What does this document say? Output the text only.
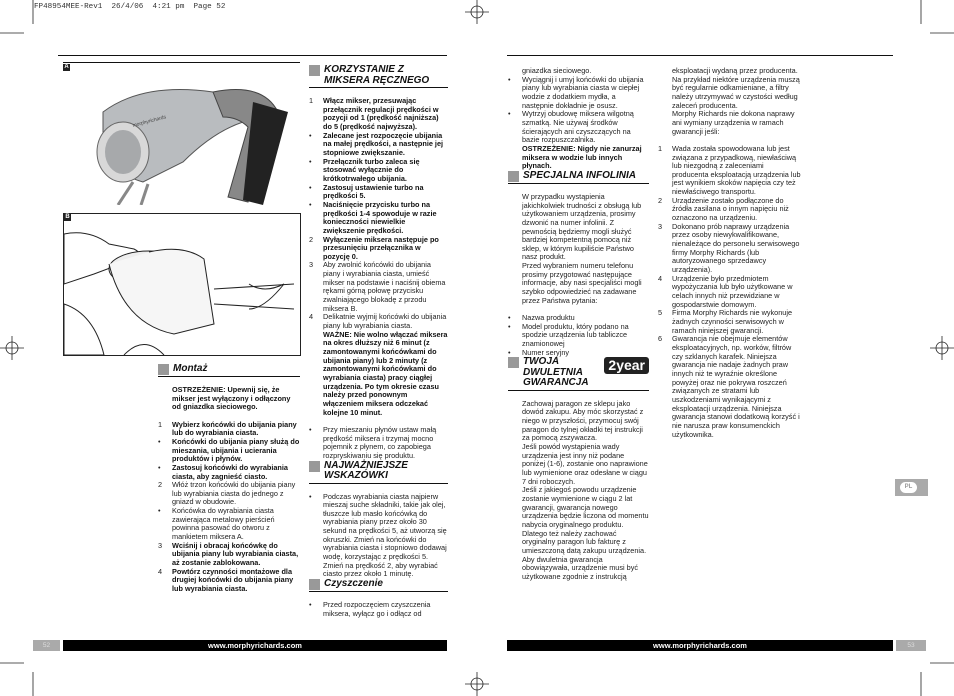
FP48954MEE-Rev1  26/4/06  4:21 pm  Page 52
A
morphyrichards
B
Montaż
OSTRZEŻENIE: Upewnij się, że mikser jest wyłączony i odłączony od gniazdka sieciowego.
1	Wybierz końcówki do ubijania piany lub do wyrabiania ciasta.
•	Końcówki do ubijania piany służą do mieszania, ubijania i ucierania produktów i płynów.
•	Zastosuj końcówki do wyrabiania ciasta, aby zagnieść ciasto.
2	Włóż trzon końcówki do ubijania piany lub wyrabiania ciasta do jednego z gniazd w obudowie.
•	Końcówka do wyrabiania ciasta zawierająca metalowy pierścień powinna pasować do otworu z mankietem miksera A.
3	Wciśnij i obracaj końcówkę do ubijania piany lub wyrabiania ciasta, aż zostanie zablokowana.
4	Powtórz czynności montażowe dla drugiej końcówki do ubijania piany lub wyrabiania ciasta.
KORZYSTANIE Z MIKSERA RĘCZNEGO
1	Włącz mikser, przesuwając przełącznik regulacji prędkości w pozycji od 1 (prędkość najniższa) do 5 (prędkość najwyższa).
•	Zalecane jest rozpoczęcie ubijania na małej prędkości, a następnie jej stopniowe zwiększanie.
•	Przełącznik turbo zaleca się stosować wyłącznie do krótkotrwałego ubijania.
•	Zastosuj ustawienie turbo na prędkości 5.
•	Naciśnięcie przycisku turbo na prędkości 1-4 spowoduje w razie konieczności niewielkie zwiększenie prędkości.
2	Wyłączenie miksera następuje po przesunięciu przełącznika w pozycję 0.
3	Aby zwolnić końcówki do ubijania piany i wyrabiania ciasta, umieść mikser na podstawie i naciśnij obiema rękami górną połowę przycisku zwalniającego blokadę z przodu miksera B.
4	Delikatnie wyjmij końcówki do ubijania piany lub wyrabiania ciasta.
WAŻNE: Nie wolno włączać miksera na okres dłuższy niż 6 minut (z zamontowanymi końcówkami do ubijania piany) lub 2 minuty (z zamontowanymi końcówkami do wyrabiania ciasta) pracy ciągłej urządzenia. Po tym okresie czasu należy przed ponownym włączeniem miksera odczekać kolejne 10 minut.
•	Przy mieszaniu płynów ustaw małą prędkość miksera i trzymaj mocno pojemnik z płynem, co zapobiega rozpryskiwaniu się produktu.
NAJWAŻNIEJSZE WSKAZÓWKI
•	Podczas wyrabiania ciasta najpierw mieszaj suche składniki, takie jak olej, tłuszcze lub masło końcówką do wyrabiania piany przez około 30 sekund na prędkości 5, aż utworzą się okruszki. Zmień na końcówki do wyrabiania ciasta i stopniowo dodawaj wodę, korzystając z prędkości 5. Zmień na prędkość 2, aby wyrabiać ciasto przez około 1 minutę.
Czyszczenie
•	Przed rozpoczęciem czyszczenia miksera, wyłącz go i odłącz od
gniazdka sieciowego.
•	Wyciągnij i umyj końcówki do ubijania piany lub wyrabiania ciasta w ciepłej wodzie z dodatkiem mydła, a następnie dokładnie je osusz.
•	Wytrzyj obudowę miksera wilgotną szmatką. Nie używaj środków ścierających ani czyszczących na bazie rozpuszczalnika.
OSTRZEŻENIE: Nigdy nie zanurzaj miksera w wodzie lub innych płynach.
SPECJALNA INFOLINIA
W przypadku wystąpienia jakichkolwiek trudności z obsługą lub użytkowaniem urządzenia, prosimy dzwonić na numer infolinii. Z pewnością będziemy mogli służyć bardziej kompetentną pomocą niż sklep, w którym kupiliście Państwo nasz produkt.
Przed wybraniem numeru telefonu prosimy przygotować następujące informacje, aby nasi specjaliści mogli szybko odpowiedzieć na zadawane przez Państwa pytania:
•	Nazwa produktu
•	Model produktu, który podano na spodzie urządzenia lub tabliczce znamionowej
•	Numer seryjny
TWOJA DWULETNIA GWARANCJA
2year
Zachowaj paragon ze sklepu jako dowód zakupu. Aby móc skorzystać z niego w przyszłości, przymocuj swój paragon do tylnej okładki tej instrukcji za pomocą zszywacza.
Jeśli powód wystąpienia wady urządzenia jest inny niż podane poniżej (1-6), zostanie ono naprawione lub wymienione oraz odesłane w ciągu 7 dni roboczych.
Jeśli z jakiegoś powodu urządzenie zostanie wymienione w ciągu 2 lat gwarancji, gwarancja nowego urządzenia będzie liczona od momentu nabycia oryginalnego produktu. Dlatego też należy zachować oryginalny paragon lub fakturę z umieszczoną datą zakupu urządzenia.
Aby dwuletnia gwarancja obowiązywała, urządzenie musi być użytkowane zgodnie z instrukcją
eksploatacji wydaną przez producenta. Na przykład niektóre urządzenia muszą być regularnie odkamieniane, a filtry należy utrzymywać w czystości według zaleceń producenta.
Morphy Richards nie dokona naprawy ani wymiany urządzenia w ramach gwarancji jeśli:
1	Wada została spowodowana lub jest związana z przypadkową, niewłaściwą lub niezgodną z zaleceniami producenta eksploatacją urządzenia lub jest wynikiem skoków napięcia czy też niewłaściwego transportu.
2	Urządzenie zostało podłączone do źródła zasilana o innym napięciu niż oznaczono na urządzeniu.
3	Dokonano prób naprawy urządzenia przez osoby niewykwalifikowane, nienależące do personelu serwisowego firmy Morphy Richards (lub autoryzowanego sprzedawcy urządzenia).
4	Urządzenie było przedmiotem wypożyczania lub było użytkowane w celach innych niż przewidziane w gospodarstwie domowym.
5	Firma Morphy Richards nie wykonuje żadnych czynności serwisowych w ramach niniejszej gwarancji.
6	Gwarancja nie obejmuje elementów eksploatacyjnych, np. worków, filtrów czy szklanych karafek. Niniejsza gwarancja nie nadaje żadnych praw innych niż te wyraźnie określone powyżej oraz nie pokrywa roszczeń związanych ze stratami lub uszkodzeniami wynikającymi z eksploatacji urządzenia. Niniejsza gwarancja stanowi dodatkową korzyść i nie narusza praw konsumenckich użytkownika.
52	www.morphyrichards.com	www.morphyrichards.com	53
PL
